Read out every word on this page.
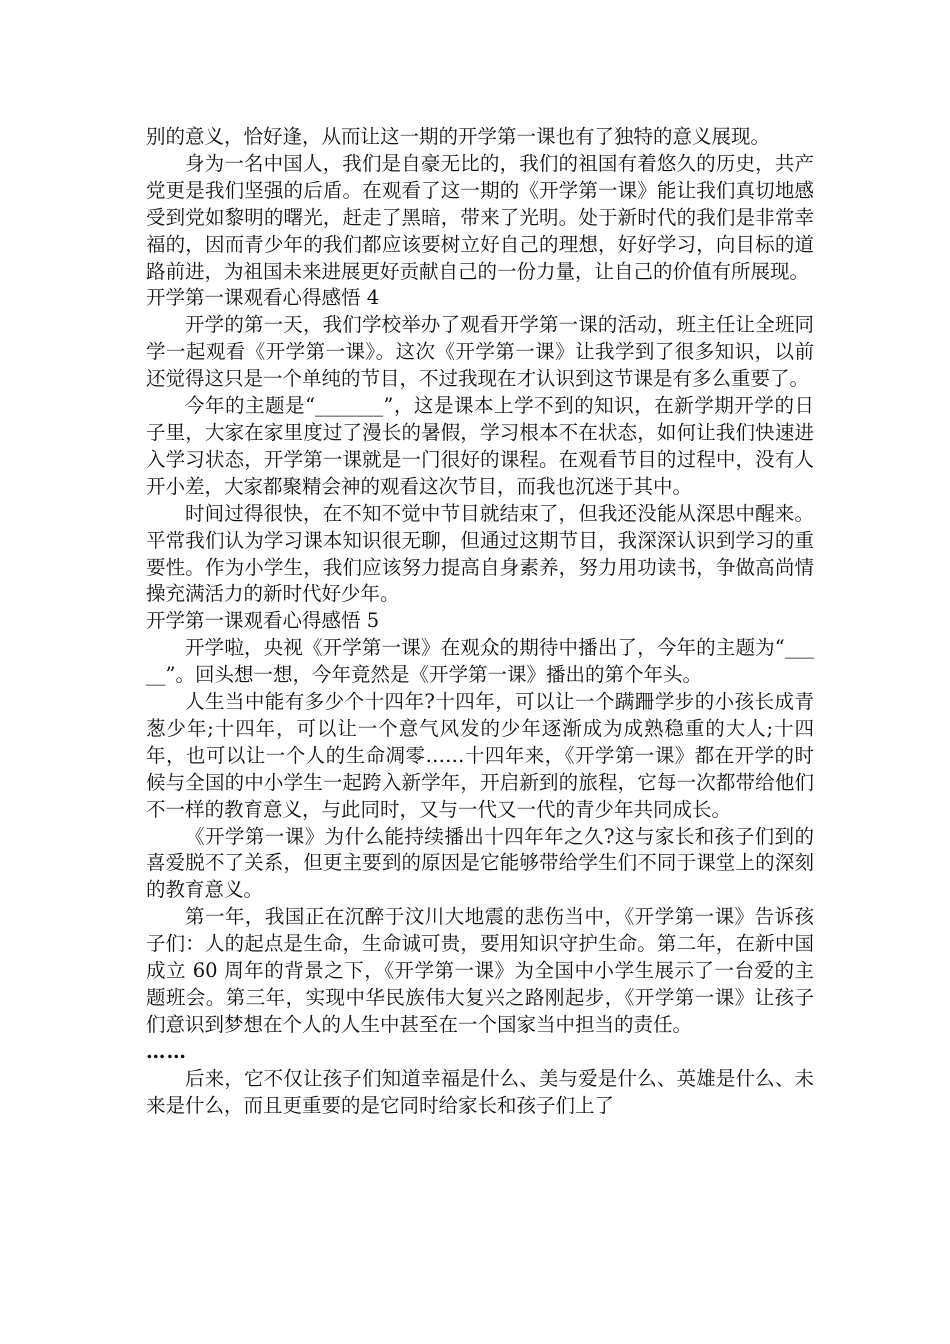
别的意义，恰好逢，从而让这一期的开学第一课也有了独特的意义展现。

身为一名中国人，我们是自豪无比的，我们的祖国有着悠久的历史，共产党更是我们坚强的后盾。在观看了这一期的《开学第一课》能让我们真切地感受到党如黎明的曙光，赶走了黑暗，带来了光明。处于新时代的我们是非常幸福的，因而青少年的我们都应该要树立好自己的理想，好好学习，向目标的道路前进，为祖国未来进展更好贡献自己的一份力量，让自己的价值有所展现。

开学第一课观看心得感悟 4

开学的第一天，我们学校举办了观看开学第一课的活动，班主任让全班同学一起观看《开学第一课》。这次《开学第一课》让我学到了很多知识，以前还觉得这只是一个单纯的节目，不过我现在才认识到这节课是有多么重要了。

今年的主题是“_______”，这是课本上学不到的知识，在新学期开学的日子里，大家在家里度过了漫长的暑假，学习根本不在状态，如何让我们快速进入学习状态，开学第一课就是一门很好的课程。在观看节目的过程中，没有人开小差，大家都聚精会神的观看这次节目，而我也沉迷于其中。

时间过得很快，在不知不觉中节目就结束了，但我还没能从深思中醒来。平常我们认为学习课本知识很无聊，但通过这期节目，我深深认识到学习的重要性。作为小学生，我们应该努力提高自身素养，努力用功读书，争做高尚情操充满活力的新时代好少年。

开学第一课观看心得感悟 5

开学啦，央视《开学第一课》在观众的期待中播出了，今年的主题为“_____”。回头想一想，今年竟然是《开学第一课》播出的第个年头。

人生当中能有多少个十四年?十四年，可以让一个蹒跚学步的小孩长成青葱少年;十四年，可以让一个意气风发的少年逐渐成为成熟稳重的大人;十四年，也可以让一个人的生命凋零……十四年来，《开学第一课》都在开学的时候与全国的中小学生一起跨入新学年，开启新到的旅程，它每一次都带给他们不一样的教育意义，与此同时，又与一代又一代的青少年共同成长。

《开学第一课》为什么能持续播出十四年年之久?这与家长和孩子们到的喜爱脱不了关系，但更主要到的原因是它能够带给学生们不同于课堂上的深刻的教育意义。

第一年，我国正在沉醉于汶川大地震的悲伤当中，《开学第一课》告诉孩子们：人的起点是生命，生命诚可贵，要用知识守护生命。第二年，在新中国成立 60 周年的背景之下，《开学第一课》为全国中小学生展示了一台爱的主题班会。第三年，实现中华民族伟大复兴之路刚起步，《开学第一课》让孩子们意识到梦想在个人的人生中甚至在一个国家当中担当的责任。

……

后来，它不仅让孩子们知道幸福是什么、美与爱是什么、英雄是什么、未来是什么，而且更重要的是它同时给家长和孩子们上了
